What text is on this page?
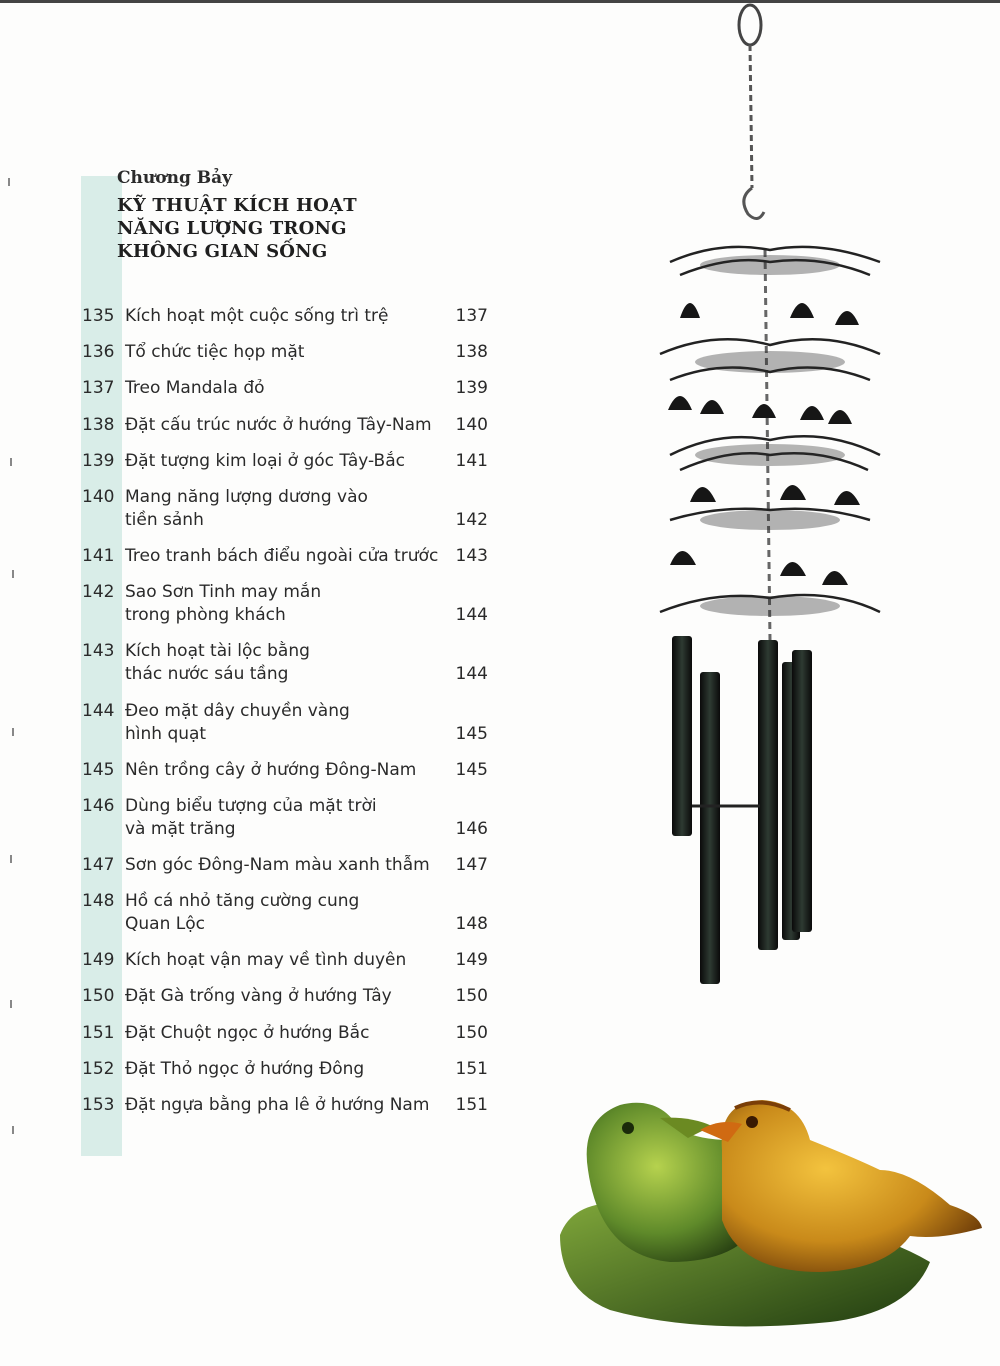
Chương Bảy
KỸ THUẬT KÍCH HOẠT
NĂNG LƯỢNG TRONG
KHÔNG GIAN SỐNG
135 Kích hoạt một cuộc sống trì trệ	137
136 Tổ chức tiệc họp mặt	138
137 Treo Mandala đỏ	139
138 Đặt cấu trúc nước ở hướng Tây-Nam	140
139 Đặt tượng kim loại ở góc Tây-Bắc	141
140 Mang năng lượng dương vào
tiền sảnh	142
141 Treo tranh bách điểu ngoài cửa trước	143
142 Sao Sơn Tinh may mắn
trong phòng khách	144
143 Kích hoạt tài lộc bằng
thác nước sáu tầng	144
144 Đeo mặt dây chuyền vàng
hình quạt	145
145 Nên trồng cây ở hướng Đông-Nam	145
146 Dùng biểu tượng của mặt trời
và mặt trăng	146
147 Sơn góc Đông-Nam màu xanh thẫm	147
148 Hồ cá nhỏ tăng cường cung
Quan Lộc	148
149 Kích hoạt vận may về tình duyên	149
150 Đặt Gà trống vàng ở hướng Tây	150
151 Đặt Chuột ngọc ở hướng Bắc	150
152 Đặt Thỏ ngọc ở hướng Đông	151
153 Đặt ngựa bằng pha lê ở hướng Nam	151
